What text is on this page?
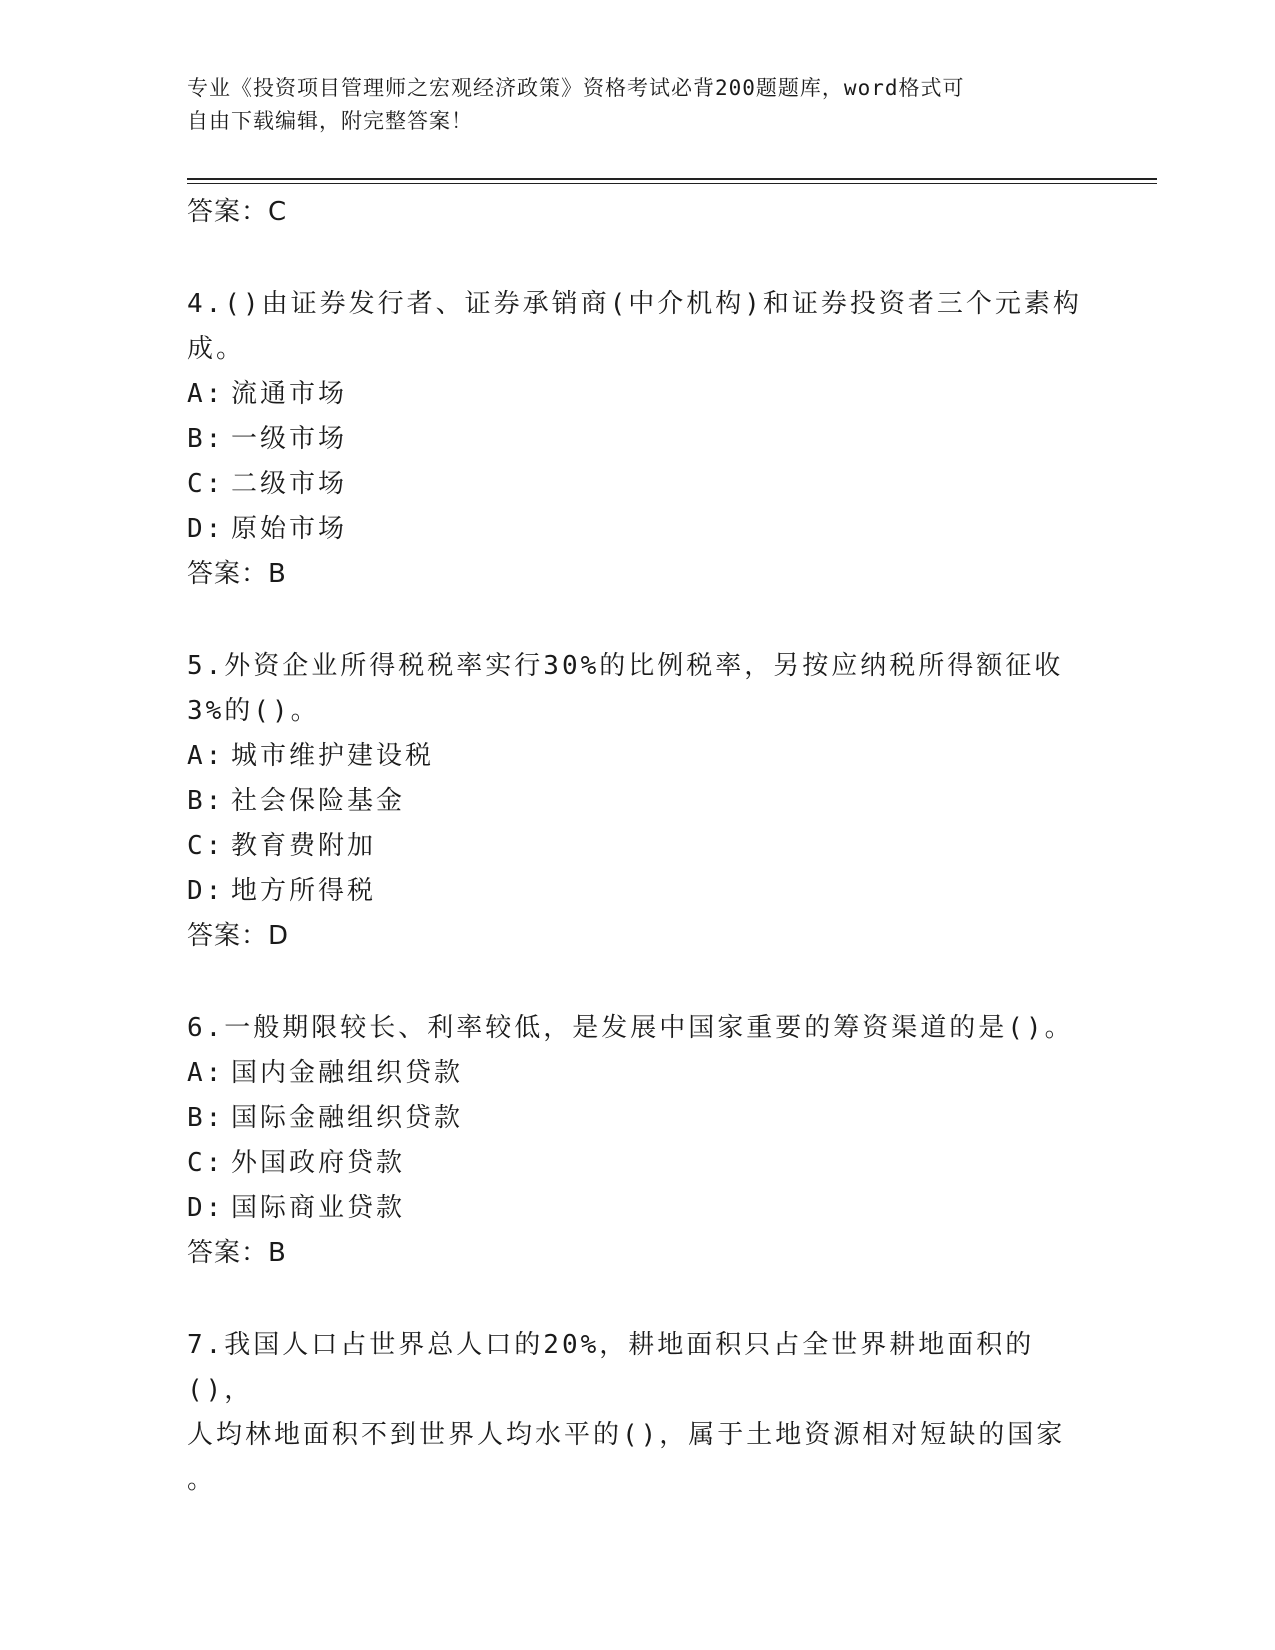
专业《投资项目管理师之宏观经济政策》资格考试必背200题题库，word格式可
自由下载编辑，附完整答案！
答案：C
4.()由证券发行者、证券承销商(中介机构)和证券投资者三个元素构
成。
A: 流通市场
B: 一级市场
C: 二级市场
D: 原始市场
答案：B
5.外资企业所得税税率实行30%的比例税率，另按应纳税所得额征收
3%的()。
A: 城市维护建设税
B: 社会保险基金
C: 教育费附加
D: 地方所得税
答案：D
6.一般期限较长、利率较低，是发展中国家重要的筹资渠道的是()。
A: 国内金融组织贷款
B: 国际金融组织贷款
C: 外国政府贷款
D: 国际商业贷款
答案：B
7.我国人口占世界总人口的20%，耕地面积只占全世界耕地面积的()，
人均林地面积不到世界人均水平的()，属于土地资源相对短缺的国家
。
